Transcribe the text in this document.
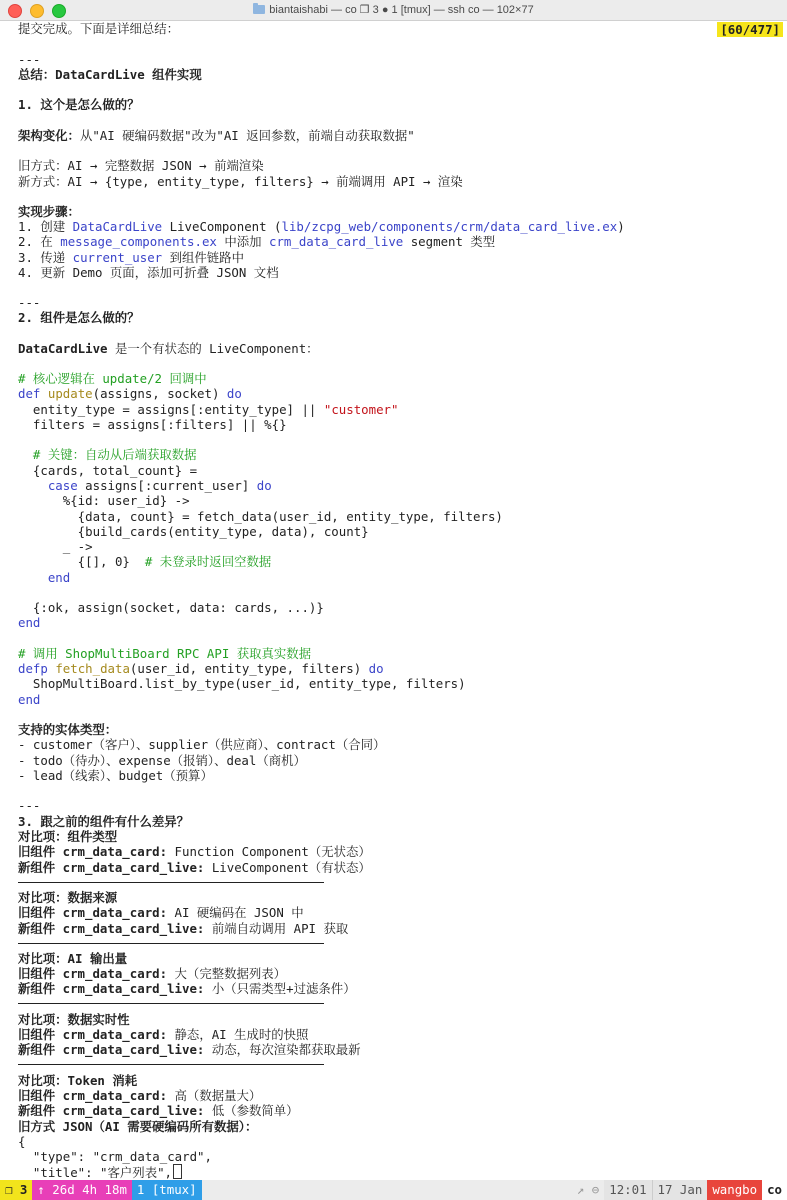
biantaishabi — co ❐ 3 ● 1 [tmux] — ssh co — 102×77
[60/477]
提交完成。下面是详细总结：
---
总结：DataCardLive 组件实现
1. 这个是怎么做的？
架构变化：从"AI 硬编码数据"改为"AI 返回参数，前端自动获取数据"
旧方式：AI → 完整数据 JSON → 前端渲染
新方式：AI → {type, entity_type, filters} → 前端调用 API → 渲染
实现步骤：
1. 创建 DataCardLive LiveComponent (lib/zcpg_web/components/crm/data_card_live.ex)
2. 在 message_components.ex 中添加 crm_data_card_live segment 类型
3. 传递 current_user 到组件链路中
4. 更新 Demo 页面，添加可折叠 JSON 文档
---
2. 组件是怎么做的？
DataCardLive 是一个有状态的 LiveComponent：
# 核心逻辑在 update/2 回调中
def update(assigns, socket) do
entity_type = assigns[:entity_type] || "customer"
filters = assigns[:filters] || %{}
# 关键：自动从后端获取数据
{cards, total_count} =
case assigns[:current_user] do
%{id: user_id} ->
{data, count} = fetch_data(user_id, entity_type, filters)
{build_cards(entity_type, data), count}
_ ->
{[], 0}  # 未登录时返回空数据
end
{:ok, assign(socket, data: cards, ...)}
end
# 调用 ShopMultiBoard RPC API 获取真实数据
defp fetch_data(user_id, entity_type, filters) do
ShopMultiBoard.list_by_type(user_id, entity_type, filters)
end
支持的实体类型：
- customer（客户）、supplier（供应商）、contract（合同）
- todo（待办）、expense（报销）、deal（商机）
- lead（线索）、budget（预算）
---
3. 跟之前的组件有什么差异？
对比项：组件类型
旧组件 crm_data_card: Function Component（无状态）
新组件 crm_data_card_live: LiveComponent（有状态）
对比项：数据来源
旧组件 crm_data_card: AI 硬编码在 JSON 中
新组件 crm_data_card_live: 前端自动调用 API 获取
对比项：AI 输出量
旧组件 crm_data_card: 大（完整数据列表）
新组件 crm_data_card_live: 小（只需类型+过滤条件）
对比项：数据实时性
旧组件 crm_data_card: 静态，AI 生成时的快照
新组件 crm_data_card_live: 动态，每次渲染都获取最新
对比项：Token 消耗
旧组件 crm_data_card: 高（数据量大）
新组件 crm_data_card_live: 低（参数简单）
旧方式 JSON（AI 需要硬编码所有数据）：
{
"type": "crm_data_card",
"title": "客户列表",
❐ 3 ↑ 26d 4h 18m 1 [tmux]	↗ ⊖ 12:01 17 Jan wangbo co
